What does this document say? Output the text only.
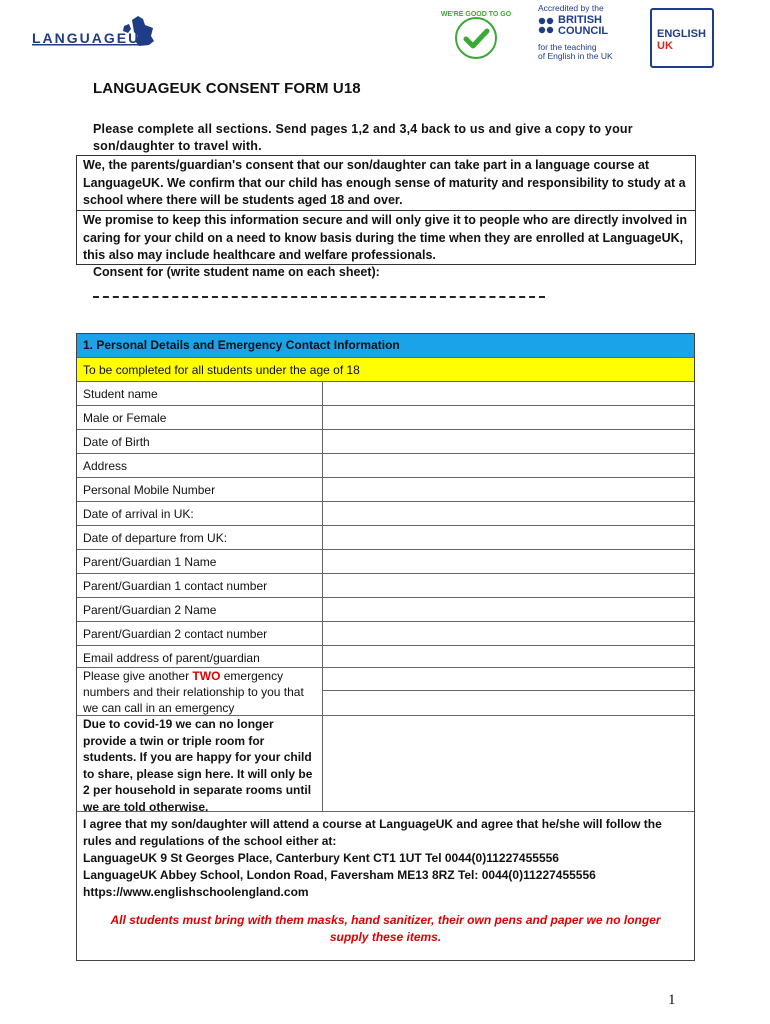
LANGUAGEUK
WE'RE GOOD TO GO
Accredited by the
BRITISH
COUNCIL
for the teaching
of English in the UK
ENGLISH
UK
LANGUAGEUK CONSENT FORM U18
Please complete all sections. Send pages 1,2 and 3,4 back to us and give a copy to your son/daughter to travel with.
We, the parents/guardian's consent that our son/daughter can take part in a language course at LanguageUK. We confirm that our child has enough sense of maturity and responsibility to study at a school where there will be students aged 18 and over.
We promise to keep this information secure and will only give it to people who are directly involved in caring for your child on a need to know basis during the time when they are enrolled at LanguageUK, this also may include healthcare and welfare professionals.
Consent for (write student name on each sheet):
1. Personal Details and Emergency Contact Information
To be completed for all students under the age of 18
Student name
Male or Female
Date of Birth
Address
Personal Mobile Number
Date of arrival in UK:
Date of departure from UK:
Parent/Guardian 1 Name
Parent/Guardian 1 contact number
Parent/Guardian 2 Name
Parent/Guardian 2 contact number
Email address of parent/guardian
Please give another TWO emergency numbers and their relationship to you that we can call in an emergency
Due to covid-19 we can no longer provide a twin or triple room for students. If you are happy for your child to share, please sign here. It will only be 2 per household in separate rooms until we are told otherwise.
I agree that my son/daughter will attend a course at LanguageUK and agree that he/she will follow the rules and regulations of the school either at:
LanguageUK 9 St Georges Place, Canterbury Kent CT1 1UT Tel 0044(0)11227455556
LanguageUK Abbey School, London Road, Faversham ME13 8RZ Tel: 0044(0)11227455556
https://www.englishschoolengland.com
All students must bring with them masks, hand sanitizer, their own pens and paper we no longer supply these items.
1
